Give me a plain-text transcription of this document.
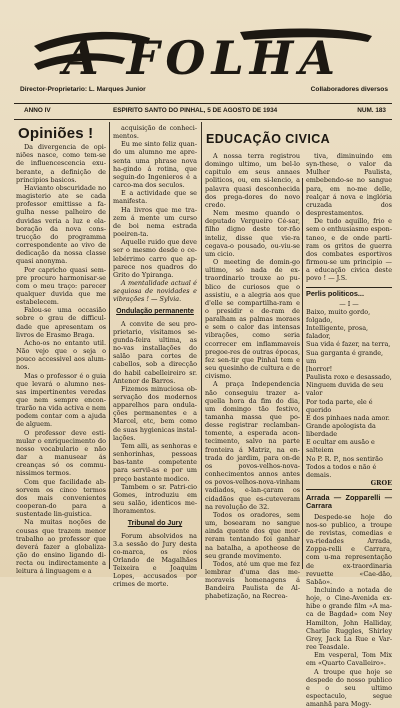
A FOLHA
Director-Proprietario: L. Marques Junior	Collaboradores diversos
ANNO IV	ESPIRITO SANTO DO PINHAL, 5 DE AGOSTO DE 1934	NUM. 183
Opiniões !

Da divergencia de opi-niões nasce, como tem-se de influencescencia exu-berante, a definição de principios basicos.

Havianto obscuridade no magisterio ate se cada professor emittisse a fa-gulha nesse palheiro de duvidas veria a luz e ela-boração da nova cons-trucção do programma correspondente ao vivo de dedicação da nossa classe quasi anonyma.

Por capricho quasi sem-pre procuro harmonisar-se com o meu traço: parecer qualquer duvida que me estabelecem.

Falou-se uma occasião sobre o grau de difficul-dade que apresentam os livros de Erasmo Braga.

Acho-os no entanto util. Não vejo que o seja o pouco accessivel aos alum-nos.

Mas o professor é o guia que levará o alumno nes-sas impertinentes veredas que nem sempre encon-trarão na vida activa e nem podem contar com a ajuda de alguem.

O professor deve esti-mular o enriquecimento do nosso vocabulario e não dar a manusear ás creanças só os commu-nissimos termos.

Com que facilidade ab-sorvem os cinco termos dos mais convenientes cooperan-do para a sustentade lin-guistica.

Na muitas noções de cousas que trazem menor trabalho ao professor que deverá fazer a globaliza-ção do ensino ligando di-recta ou indirectamente a leitura á linguagem e a

acquisição de conheci-mentos.

Eu me sinto feliz quan-do um alumno me apre-senta uma phrase nova ha-gindo á rotina, que seguin-do Ingenieros é a carco-ma dos seculos.

E a actividade que se manifesta.

Ha livros que me tra-zem á mente um curso de boi nema estrada poeiren-ta.

Aquelle ruido que deve ser o mesmo desde o ce-lebérrimo carro que ap-parece nos quadros do Grito do Ypiranga.

A mentalidade actual é sequiosa de novidades e vibrações ! — Sylvia.

Ondulação permanente

A convite de seu pro-prietario, visitamos se-gunda-feira ultima, as no-vas installações do salão para cortes de cabellos, sob a direcção do habil cabelleireiro sr. Antenor de Barros.

Fizemos minuciosa ob-servação dos modernos apparelhos para ondula-ções permanentes e a Marcel, etc, bem como de suas hygienicas instal-lações.

Tem alli, as senhoras e senhorinhas, pessoas bas-tante competente para servil-as e por um preço bastante modico.

Tambem o sr. Patri-cio Gomes, introduziu em seu salão, identicos me-lhoramentos.

Tribunal do Jury

Forum absolvidos na 3.a sessão do Jury desta co-marca, os réos Orlando de Magalhães Teixeira e Joaquim Lopes, accusados por crimes de morte.

EDUCAÇÃO CIVICA

A nossa terra registrou domingo ultimo, um bel-lo capitulo em seus annaes politicos, ou, em si-lencio, a palavra quasi desconhecida dos prega-dores do novo credo.

Nem mesmo quando o deputado Vergueiro Cé-sar, filho digno deste tor-rão inteliz, disse que vie-ra cegava-o pousado, ou-viu-se um cicio.

O meeting de domin-go ultimo, só nada de ex-traordinario trouxe ao pu-blico de curiosos que o assistiu, e a alegria aos que d'elle se compartilha-ram e o presidir e de-ram de paralham as palmas moraes e sem o calor das intensas vibrações, como seria ccorrecer em inflammaveis pregoe-res de outras épocas, fez sen-tir que Pinhal tem e seu quesinho de cultura e de civismo.

A praça Independencia não conseguiu trazer a-quella hora da fim do dia, um domingo tão festivo, tamanha massa que po-desse registrar reclamban-tomente, a esperada acon-tecimento, salvo na parte fronteira á Matriz, na en-trada do jardim, para on-de os povos-velhos-nova-conhecimentos annos antes os povos-velhos-nova-vinham vadiados, e-lan-çaram os cidadãos que es-cuteveram na revolução de 32.

Todos os oradores, sem um, bosearam no sangue ainda quente dos que mor-reram tentando foi ganhar na batalha, a apotheose de seu grande movimento.

Todos, até um que me fez lembrar d'uma das me-moraveis homenagens á Bandeira Paulista de Al-phabetização, na Recrea-

tiva, diminuindo em syn-these, o valor da Mulher Paulista, embebendo-se no sangue para, em no-me delle, realçar á nova e inglória cruzada dos desprestamentos.

De tudo aquillo, frio e sem o enthusiasmo espon-taneo, e de onde parti-ram os gritos de guerra dos combates esportivos firmou-se um principio — a educação civica deste povo ! — J.S.

Perlis politicos...

— I —

Baixo, muito gordo, folgado,

Intelligente, prosa, falador,

Sua vida é fazer, na terra,

Sua garganta é grande, um

[horror!

Paulista roxo e desassado,

Ninguem duvida de seu valor

Por toda parte, ele é querido

E dos pinhaes nada amor.

Grande apologista da liberdade

E ocultar em ausão e salteiem

No P. R. P., nos sentirão

Todos a todos e não é demais.

GROE

Arrada — Zopparelli — Carrara

Despede-se hoje do nos-so publico, a troupe de revistas, comedias e va-riedades Arrada, Zoppa-relli e Carrara, com u-ma representação de ex-traordinaria revuette «Cae-dão, Sabão».

Incluindo a notada de hoje, o Cine-Avenida ex-hibe o grande film «A ma-ca de Bagdad» com Ney Hamilton, John Halliday, Charlie Ruggles, Shirley Grey, Jack La Rue e Var-ree Teasdale.

Em vesperal, Tom Mix em «Quarto Cavalleiro».

A troupe que hoje se despede do nosso publico e o seu ultimo espectaculo, segue amanhã para Mogy-
